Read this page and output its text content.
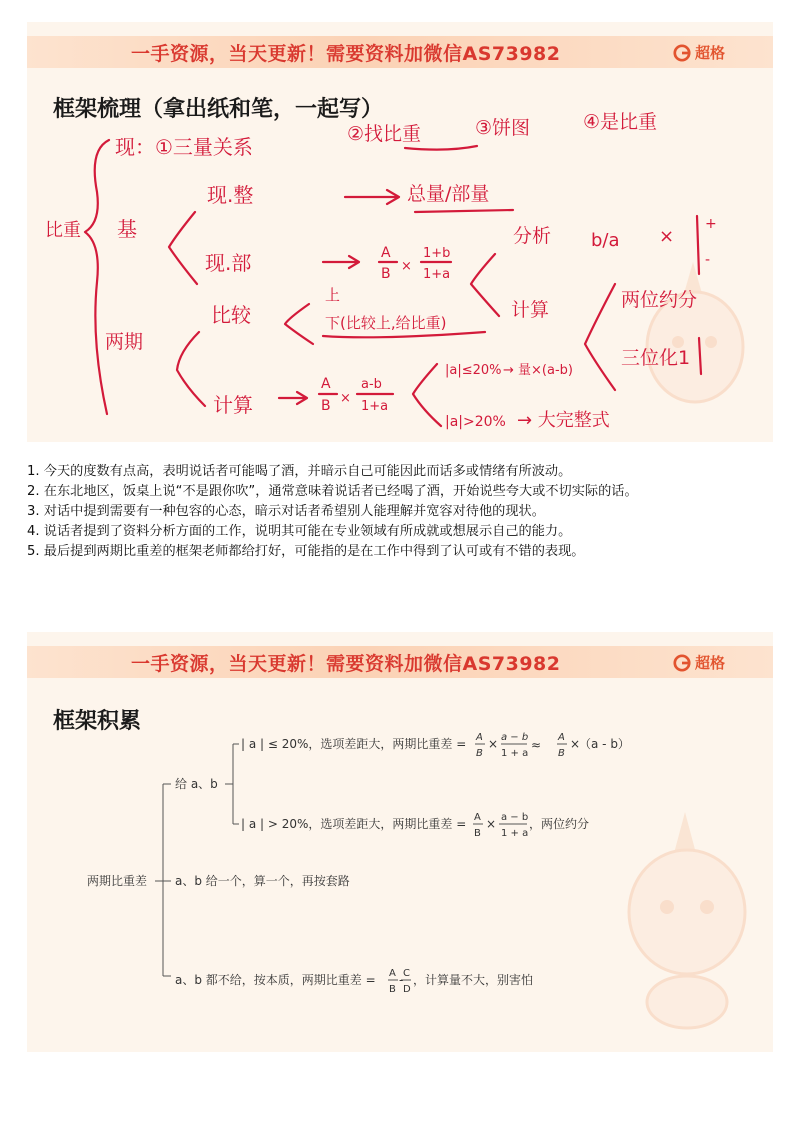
一手资源，当天更新！需要资料加微信AS73982	超格
框架梳理（拿出纸和笔，一起写）
比重
现：①三量关系
②找比重	③饼图	④是比重
基
现.整	总量/部量
现.部	A
B ×
1+b
1+a
分析 b/a ×
+
-
两期
比较
上
下(比较上,给比重)
计算	两位约分
三位化1
计算
A
B ×
a-b
1+a
|a|≤20% → 量×(a-b)
|a|>20% → 大完整式

1. 今天的度数有点高，表明说话者可能喝了酒，并暗示自己可能因此而话多或情绪有所波动。

2. 在东北地区，饭桌上说“不是跟你吹”，通常意味着说话者已经喝了酒，开始说些夸大或不切实际的话。

3. 对话中提到需要有一种包容的心态，暗示对话者希望别人能理解并宽容对待他的现状。

4. 说话者提到了资料分析方面的工作，说明其可能在专业领域有所成就或想展示自己的能力。

5. 最后提到两期比重差的框架老师都给打好，可能指的是在工作中得到了认可或有不错的表现。

一手资源，当天更新！需要资料加微信AS73982	超格
框架积累
两期比重差
给 a、b
| a | ≤ 20%，选项差距大，两期比重差 = A
B
× a − b
1 + a
≈
A
B
×
（a - b）
| a | > 20%，选项差距大，两期比重差 = A
B
× a − b
1 + a
，两位约分
a、b 给一个，算一个，再按套路
a、b 都不给，按本质，两期比重差 = A
B
- C
D
，计算量不大，别害怕
